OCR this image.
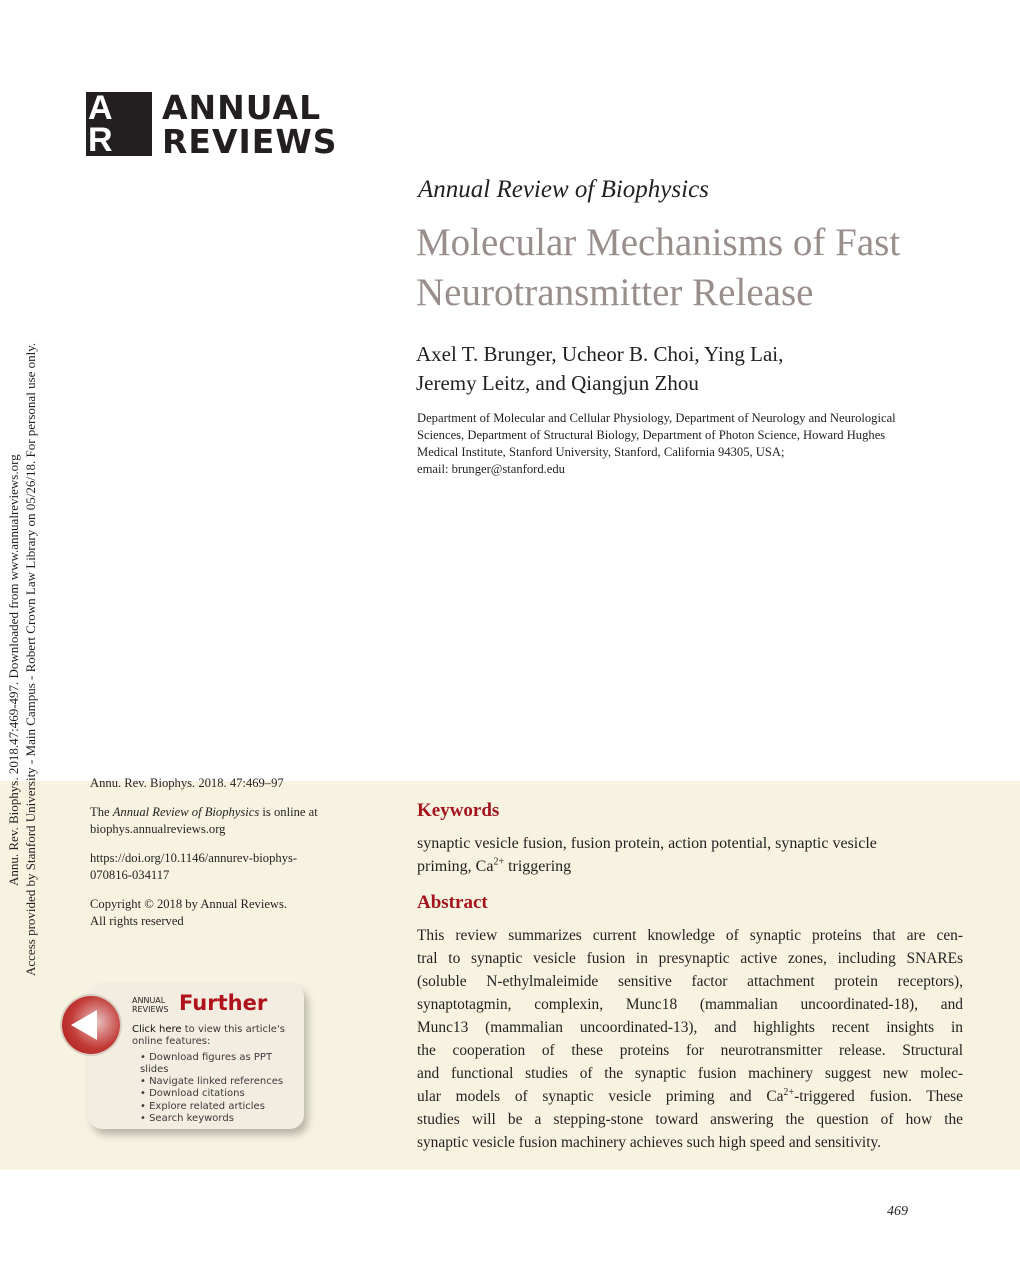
A
R
ANNUAL
REVIEWS
Annual Review of Biophysics
Molecular Mechanisms of Fast
Neurotransmitter Release
Axel T. Brunger, Ucheor B. Choi, Ying Lai,
Jeremy Leitz, and Qiangjun Zhou
Department of Molecular and Cellular Physiology, Department of Neurology and Neurological
Sciences, Department of Structural Biology, Department of Photon Science, Howard Hughes
Medical Institute, Stanford University, Stanford, California 94305, USA;
email: brunger@stanford.edu
Annu. Rev. Biophys. 2018.47:469-497. Downloaded from www.annualreviews.org Access provided by Stanford University - Main Campus - Robert Crown Law Library on 05/26/18. For personal use only.	Annu. Rev. Biophys. 2018. 47:469–97

The Annual Review of Biophysics is online at
biophys.annualreviews.org

https://doi.org/10.1146/annurev-biophys-
070816-034117

Copyright © 2018 by Annual Reviews.
All rights reserved

ANNUAL
REVIEWS Further
Click here to view this article's online features:
• Download figures as PPT slides
• Navigate linked references
• Download citations
• Explore related articles
• Search keywords
Keywords
synaptic vesicle fusion, fusion protein, action potential, synaptic vesicle
priming, $Ca^{2+}$ triggering
Abstract
This review summarizes current knowledge of synaptic proteins that are cen-
tral to synaptic vesicle fusion in presynaptic active zones, including SNAREs
(soluble N-ethylmaleimide sensitive factor attachment protein receptors),
synaptotagmin, complexin, Munc18 (mammalian uncoordinated-18), and
Munc13 (mammalian uncoordinated-13), and highlights recent insights in
the cooperation of these proteins for neurotransmitter release. Structural
and functional studies of the synaptic fusion machinery suggest new molec-
ular models of synaptic vesicle priming and $Ca^{2+}$-triggered fusion. These
studies will be a stepping-stone toward answering the question of how the
synaptic vesicle fusion machinery achieves such high speed and sensitivity.
469
